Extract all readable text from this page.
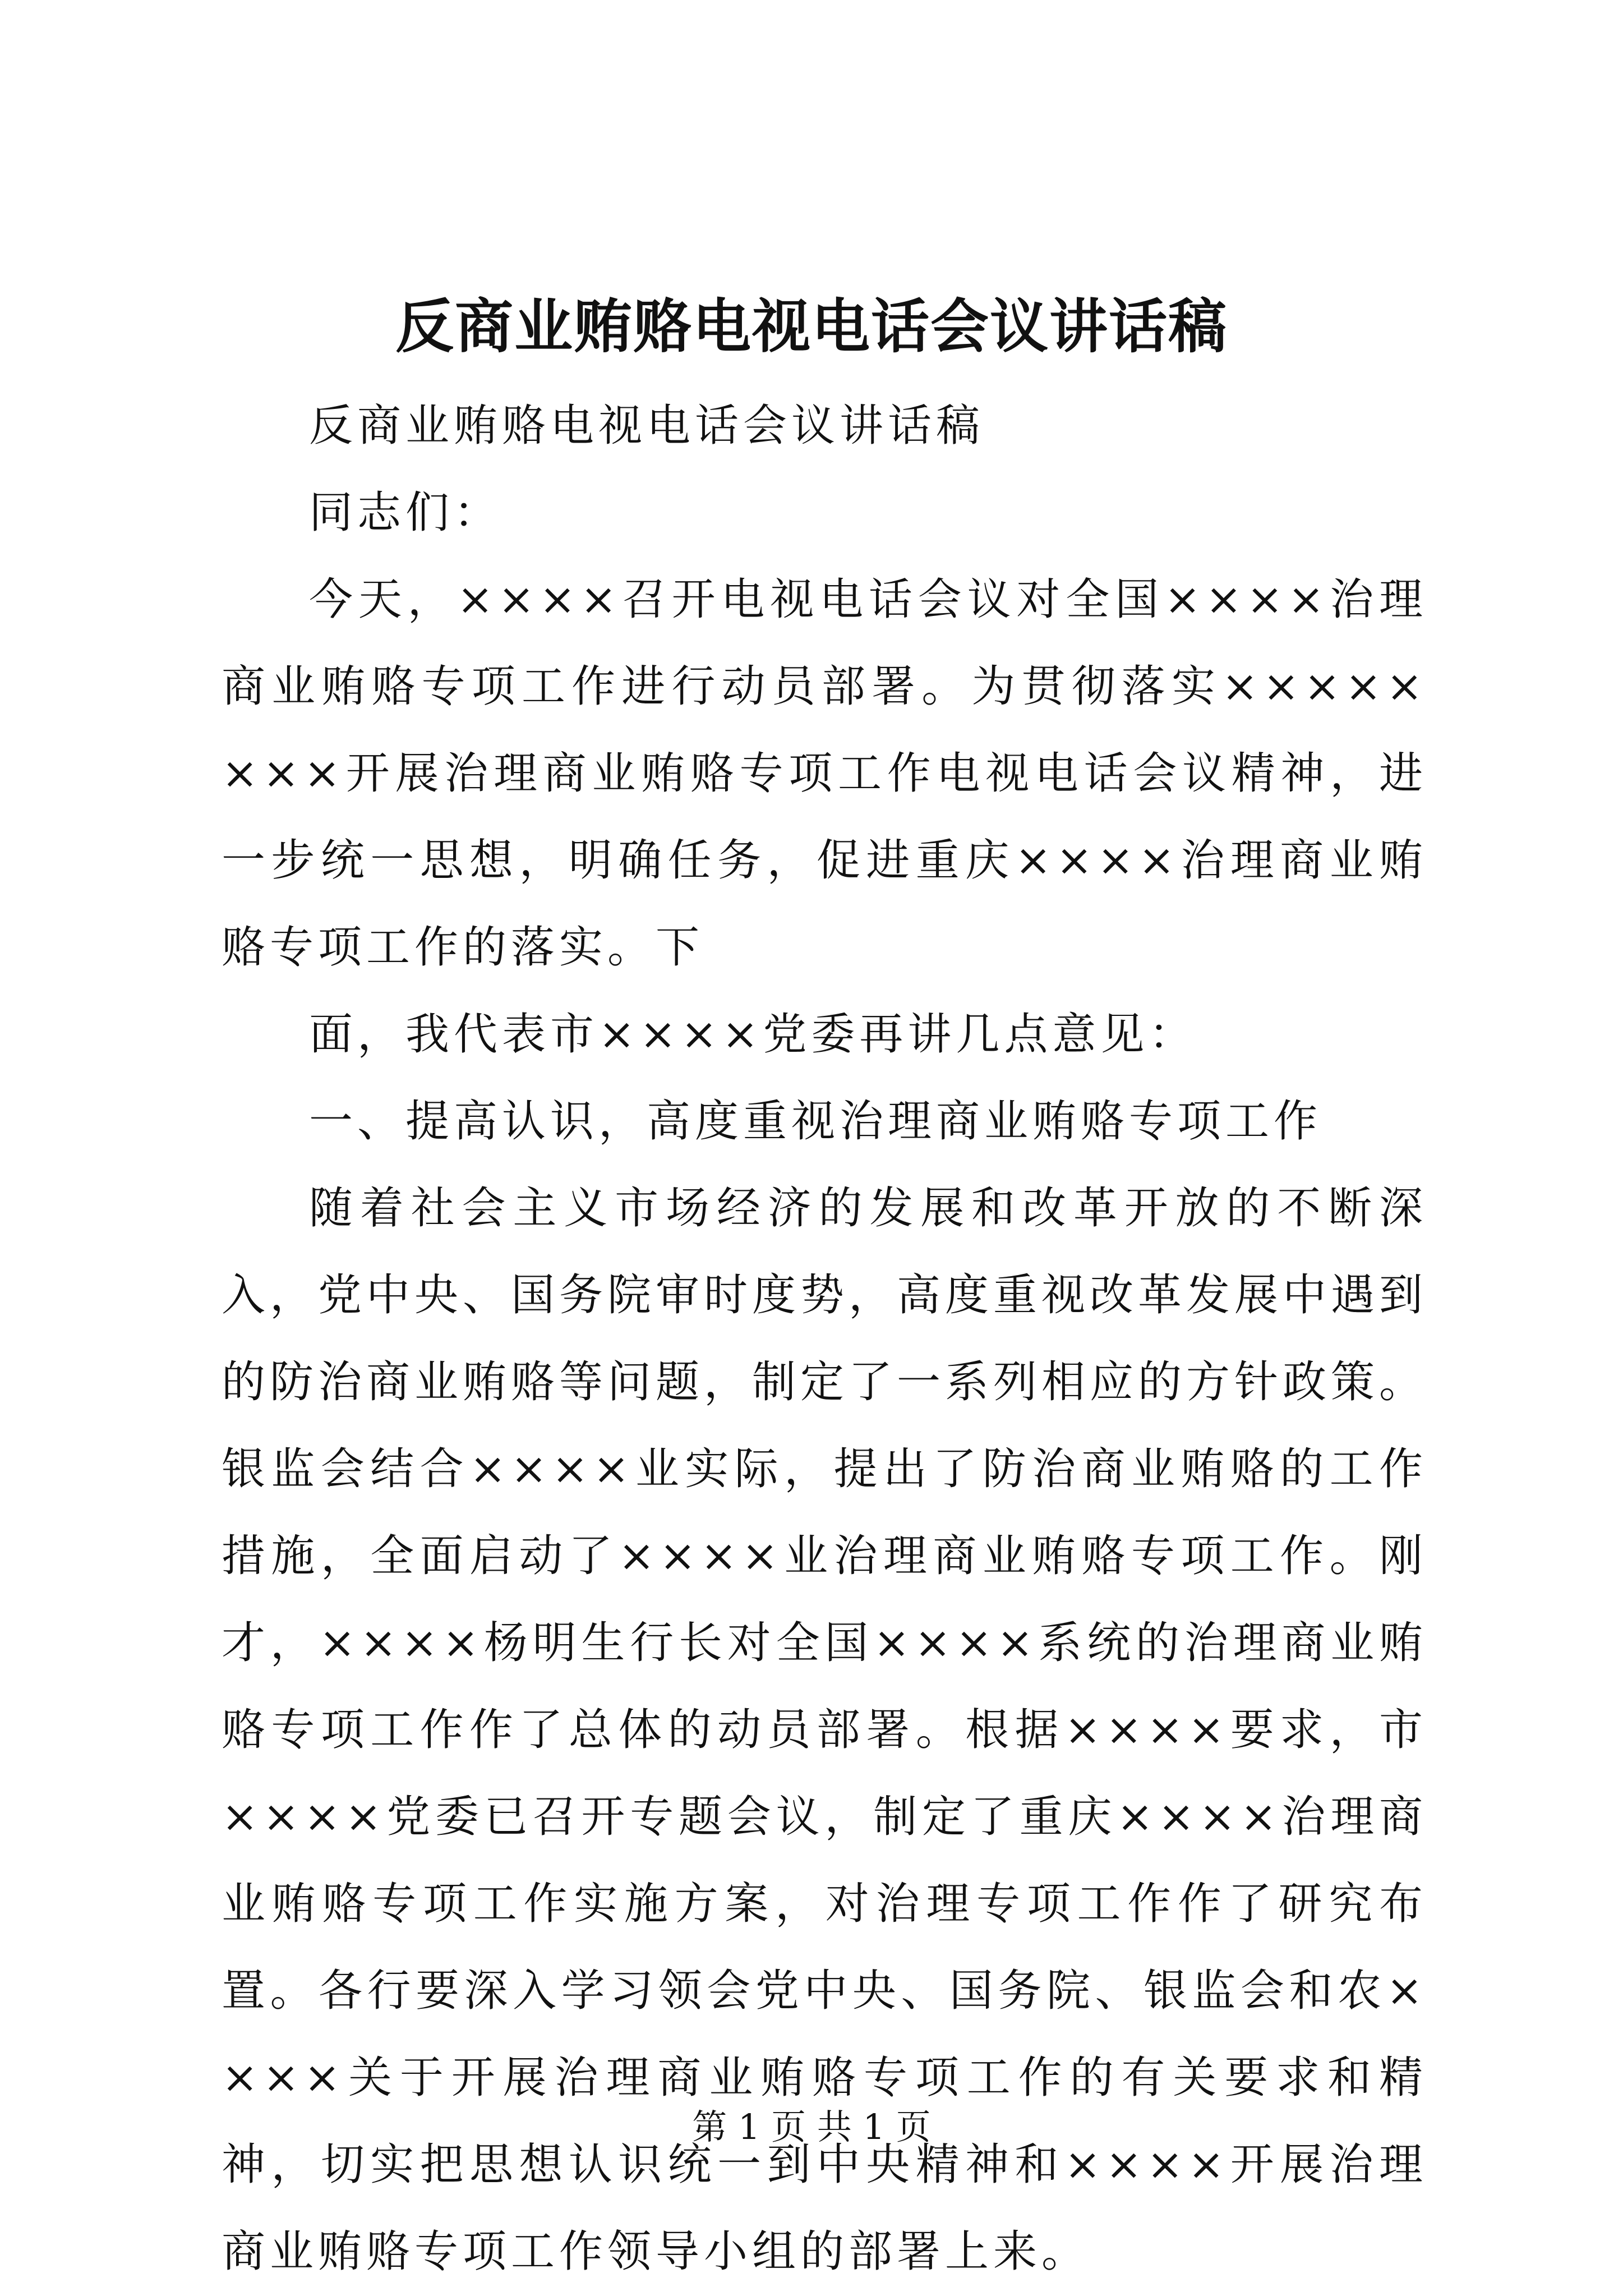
反商业贿赂电视电话会议讲话稿

反商业贿赂电视电话会议讲话稿

同志们：

今天，××××召开电视电话会议对全国××××治理商业贿赂专项工作进行动员部署。为贯彻落实××××××××开展治理商业贿赂专项工作电视电话会议精神，进一步统一思想，明确任务，促进重庆××××治理商业贿赂专项工作的落实。下

面，我代表市××××党委再讲几点意见：

一、提高认识，高度重视治理商业贿赂专项工作

随着社会主义市场经济的发展和改革开放的不断深入，党中央、国务院审时度势，高度重视改革发展中遇到的防治商业贿赂等问题，制定了一系列相应的方针政策。银监会结合××××业实际，提出了防治商业贿赂的工作措施，全面启动了××××业治理商业贿赂专项工作。刚才，××××杨明生行长对全国××××系统的治理商业贿赂专项工作作了总体的动员部署。根据××××要求，市××××党委已召开专题会议，制定了重庆××××治理商业贿赂专项工作实施方案，对治理专项工作作了研究布置。各行要深入学习领会党中央、国务院、银监会和农××××关于开展治理商业贿赂专项工作的有关要求和精神，切实把思想认识统一到中央精神和××××开展治理商业贿赂专项工作领导小组的部署上来。

第 1 页 共 1 页
